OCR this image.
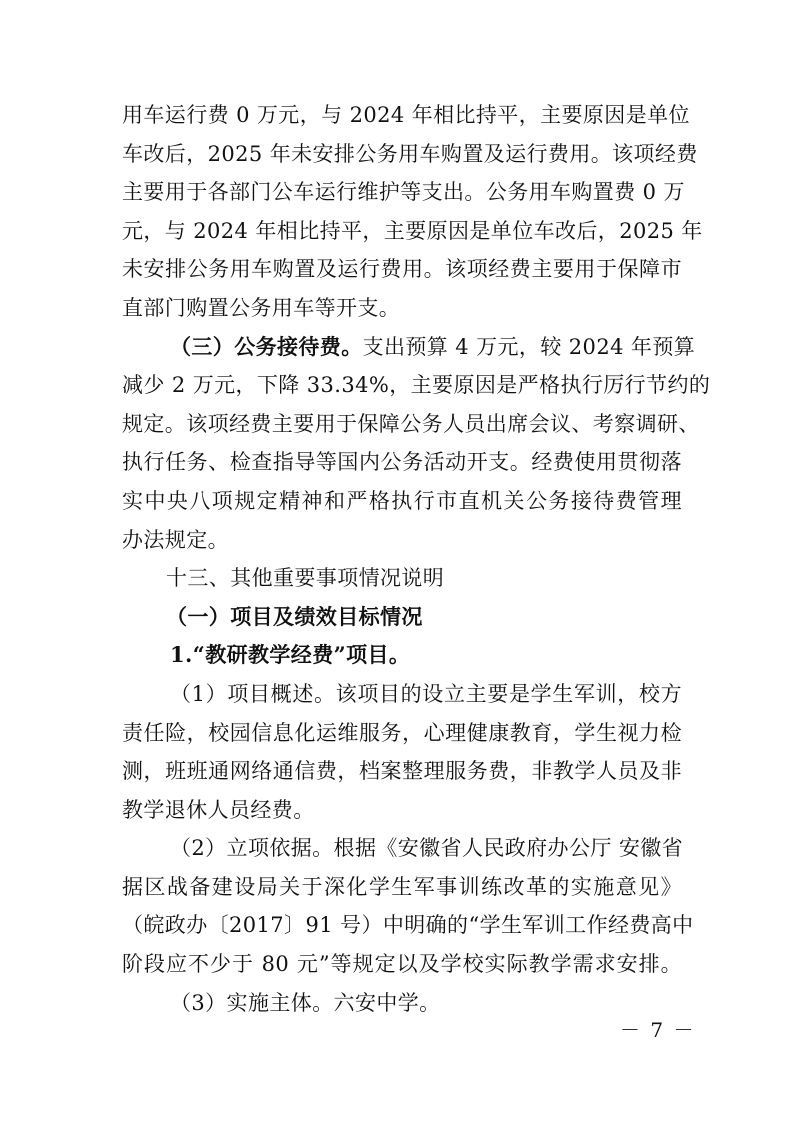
用车运行费 0 万元，与 2024 年相比持平，主要原因是单位
车改后，2025 年未安排公务用车购置及运行费用。该项经费
主要用于各部门公车运行维护等支出。公务用车购置费 0 万
元，与 2024 年相比持平，主要原因是单位车改后，2025 年
未安排公务用车购置及运行费用。该项经费主要用于保障市
直部门购置公务用车等开支。
（三）公务接待费。支出预算 4 万元，较 2024 年预算
减少 2 万元，下降 33.34%，主要原因是严格执行厉行节约的
规定。该项经费主要用于保障公务人员出席会议、考察调研、
执行任务、检查指导等国内公务活动开支。经费使用贯彻落
实中央八项规定精神和严格执行市直机关公务接待费管理
办法规定。
十三、其他重要事项情况说明
（一）项目及绩效目标情况
1.“教研教学经费”项目。
（1）项目概述。该项目的设立主要是学生军训，校方
责任险，校园信息化运维服务，心理健康教育，学生视力检
测，班班通网络通信费，档案整理服务费，非教学人员及非
教学退休人员经费。
（2）立项依据。根据《安徽省人民政府办公厅 安徽省
据区战备建设局关于深化学生军事训练改革的实施意见》
（皖政办〔2017〕91 号）中明确的“学生军训工作经费高中
阶段应不少于 80 元”等规定以及学校实际教学需求安排。
（3）实施主体。六安中学。
－ 7 －
